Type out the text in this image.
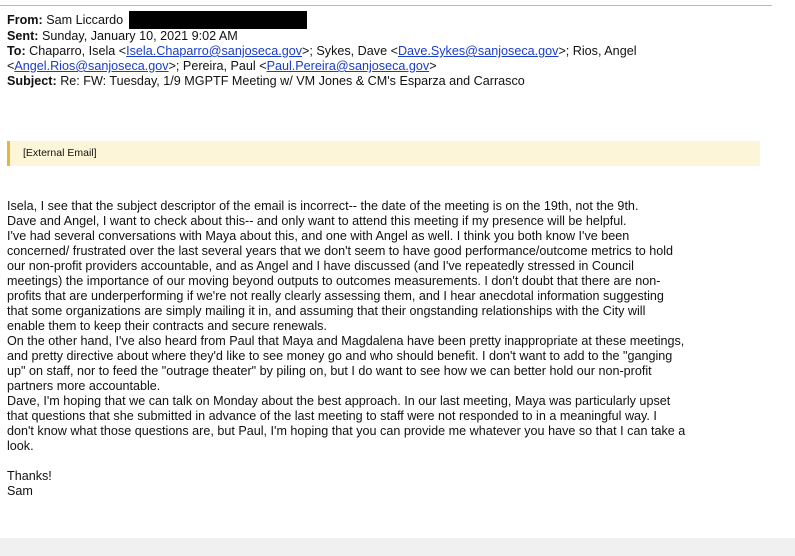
From: Sam Liccardo
Sent: Sunday, January 10, 2021 9:02 AM
To: Chaparro, Isela <Isela.Chaparro@sanjoseca.gov>; Sykes, Dave <Dave.Sykes@sanjoseca.gov>; Rios, Angel
<Angel.Rios@sanjoseca.gov>; Pereira, Paul <Paul.Pereira@sanjoseca.gov>
Subject: Re: FW: Tuesday, 1/9 MGPTF Meeting w/ VM Jones & CM's Esparza and Carrasco
[External Email]
Isela, I see that the subject descriptor of the email is incorrect-- the date of the meeting is on the 19th, not the 9th.
Dave and Angel, I want to check about this-- and only want to attend this meeting if my presence will be helpful.
I've had several conversations with Maya about this, and one with Angel as well. I think you both know I've been
concerned/ frustrated over the last several years that we don't seem to have good performance/outcome metrics to hold
our non-profit providers accountable, and as Angel and I have discussed (and I've repeatedly stressed in Council
meetings) the importance of our moving beyond outputs to outcomes measurements. I don't doubt that there are non-
profits that are underperforming if we're not really clearly assessing them, and I hear anecdotal information suggesting
that some organizations are simply mailing it in, and assuming that their ongstanding relationships with the City will
enable them to keep their contracts and secure renewals.
On the other hand, I've also heard from Paul that Maya and Magdalena have been pretty inappropriate at these meetings,
and pretty directive about where they'd like to see money go and who should benefit. I don't want to add to the "ganging
up" on staff, nor to feed the "outrage theater" by piling on, but I do want to see how we can better hold our non-profit
partners more accountable.
Dave, I'm hoping that we can talk on Monday about the best approach. In our last meeting, Maya was particularly upset
that questions that she submitted in advance of the last meeting to staff were not responded to in a meaningful way. I
don't know what those questions are, but Paul, I'm hoping that you can provide me whatever you have so that I can take a
look.
Thanks!
Sam
